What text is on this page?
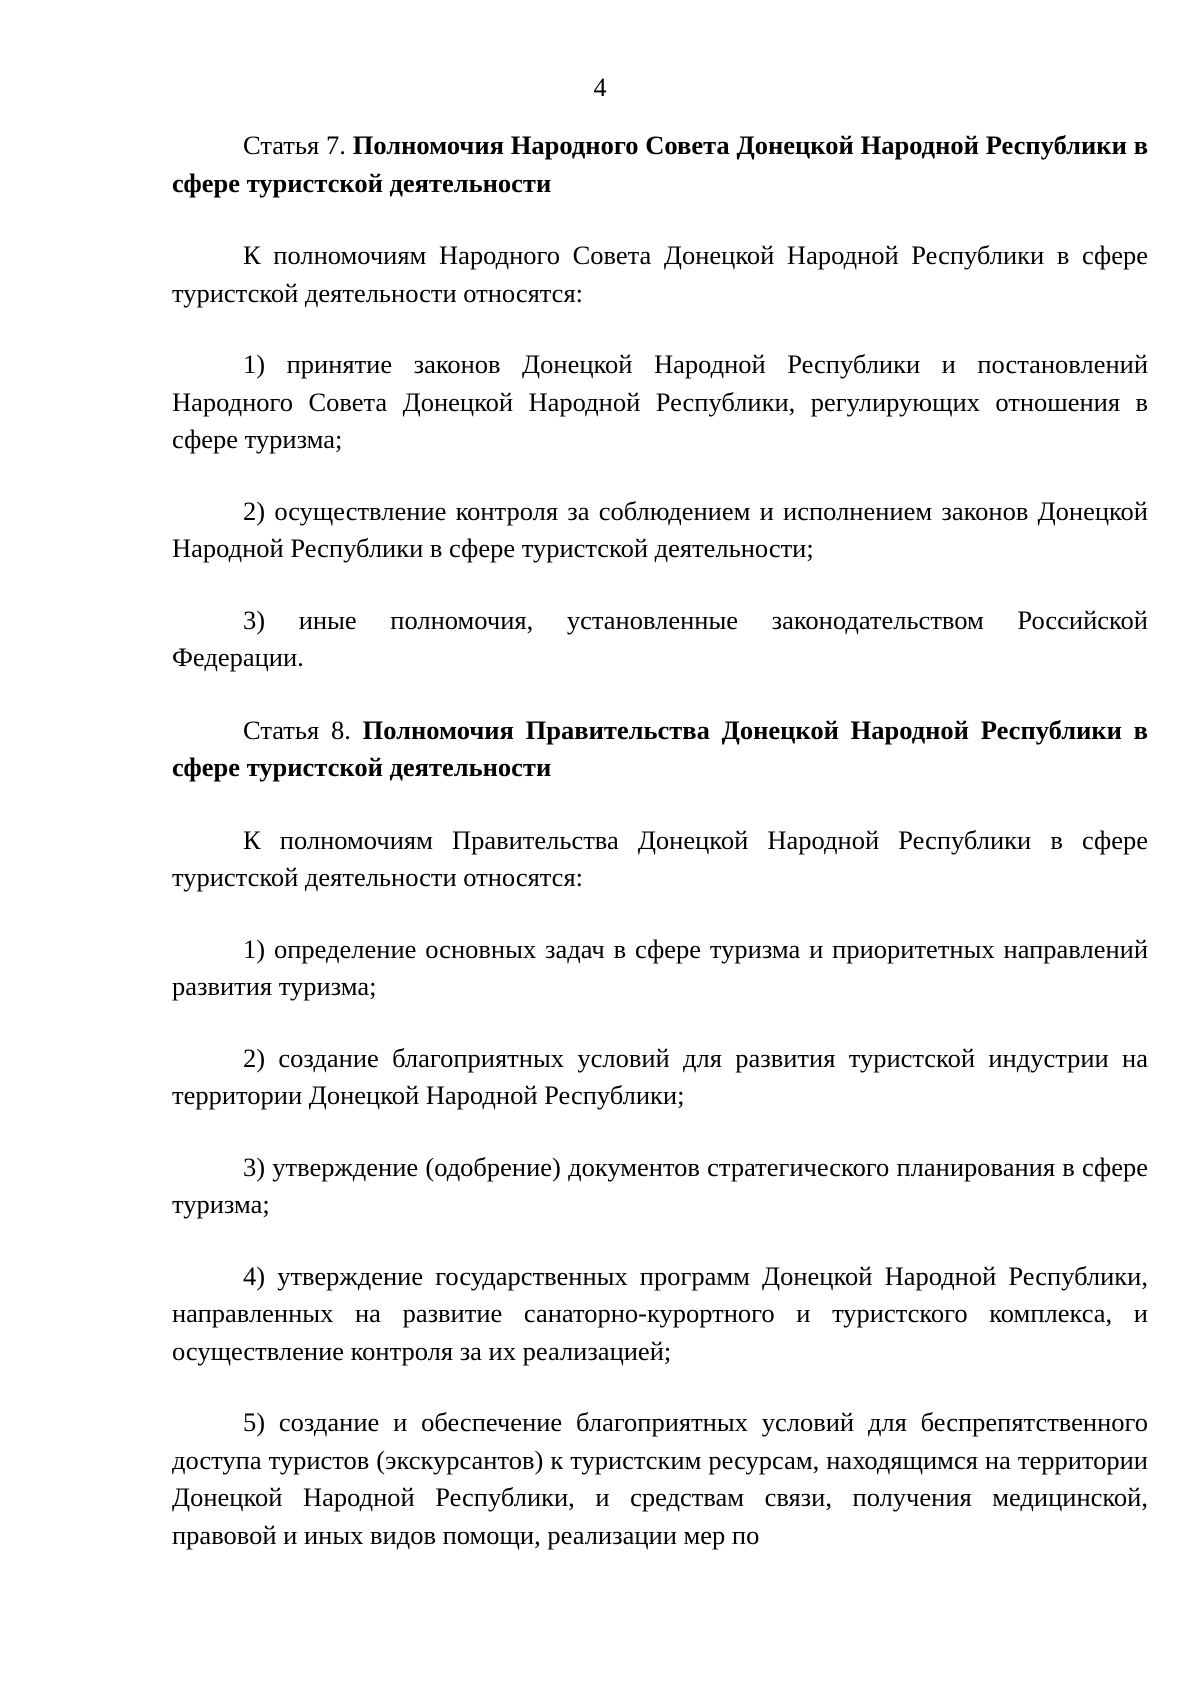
4

Статья 7. Полномочия Народного Совета Донецкой Народной Республики в сфере туристской деятельности

К полномочиям Народного Совета Донецкой Народной Республики в сфере туристской деятельности относятся:

1) принятие законов Донецкой Народной Республики и постановлений Народного Совета Донецкой Народной Республики, регулирующих отношения в сфере туризма;

2) осуществление контроля за соблюдением и исполнением законов Донецкой Народной Республики в сфере туристской деятельности;

3) иные полномочия, установленные законодательством Российской Федерации.

Статья 8. Полномочия Правительства Донецкой Народной Республики в сфере туристской деятельности

К полномочиям Правительства Донецкой Народной Республики в сфере туристской деятельности относятся:

1) определение основных задач в сфере туризма и приоритетных направлений развития туризма;

2) создание благоприятных условий для развития туристской индустрии на территории Донецкой Народной Республики;

3) утверждение (одобрение) документов стратегического планирования в сфере туризма;

4) утверждение государственных программ Донецкой Народной Республики, направленных на развитие санаторно-курортного и туристского комплекса, и осуществление контроля за их реализацией;

5) создание и обеспечение благоприятных условий для беспрепятственного доступа туристов (экскурсантов) к туристским ресурсам, находящимся на территории Донецкой Народной Республики, и средствам связи, получения медицинской, правовой и иных видов помощи, реализации мер по
